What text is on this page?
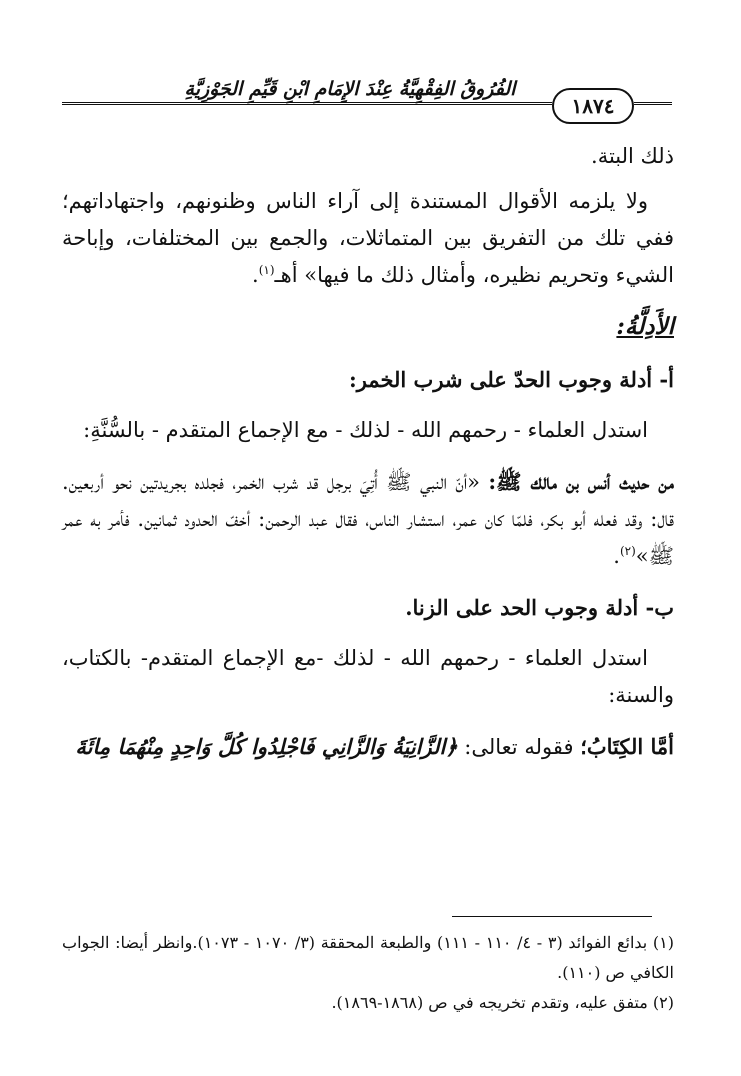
الفُرُوقُ الفِقْهِيَّةُ عِنْدَ الإِمَامِ ابْنِ قَيِّمِ الجَوْزِيَّةِ
١٨٧٤

ذلك البتة.

ولا يلزمه الأقوال المستندة إلى آراء الناس وظنونهم، واجتهاداتهم؛ ففي تلك من التفريق بين المتماثلات، والجمع بين المختلفات، وإباحة الشيء وتحريم نظيره، وأمثال ذلك ما فيها» أهـ$^{(١)}$.

الأَدِلَّةُ:

أ- أدلة وجوب الحدّ على شرب الخمر:

استدل العلماء - رحمهم الله - لذلك - مع الإجماع المتقدم - بالسُّنَّةِ:

من حديث أنس بن مالك ﷺ: «أنّ النبي ﷺ أُتِيَ برجل قد شرب الخمر، فجلده بجريدتين نحو أربعين. قال: وقد فعله أبو بكر، فلمّا كان عمر، استشار الناس، فقال عبد الرحمن: أخفّ الحدود ثمانين. فأمر به عمر ﷺ»$^{(٢)}$.

ب- أدلة وجوب الحد على الزنا.

استدل العلماء - رحمهم الله - لذلك -مع الإجماع المتقدم- بالكتاب، والسنة:

أمَّا الكِتَابُ؛ فقوله تعالى: ﴿الزَّانِيَةُ وَالزَّانِي فَاجْلِدُوا كُلَّ وَاحِدٍ مِنْهُمَا مِائَةَ

(١) بدائع الفوائد (٣ - ٤/ ١١٠ - ١١١) والطبعة المحققة (٣/ ١٠٧٠ - ١٠٧٣).وانظر أيضا: الجواب الكافي ص (١١٠).

(٢) متفق عليه، وتقدم تخريجه في ص (١٨٦٨-١٨٦٩).
